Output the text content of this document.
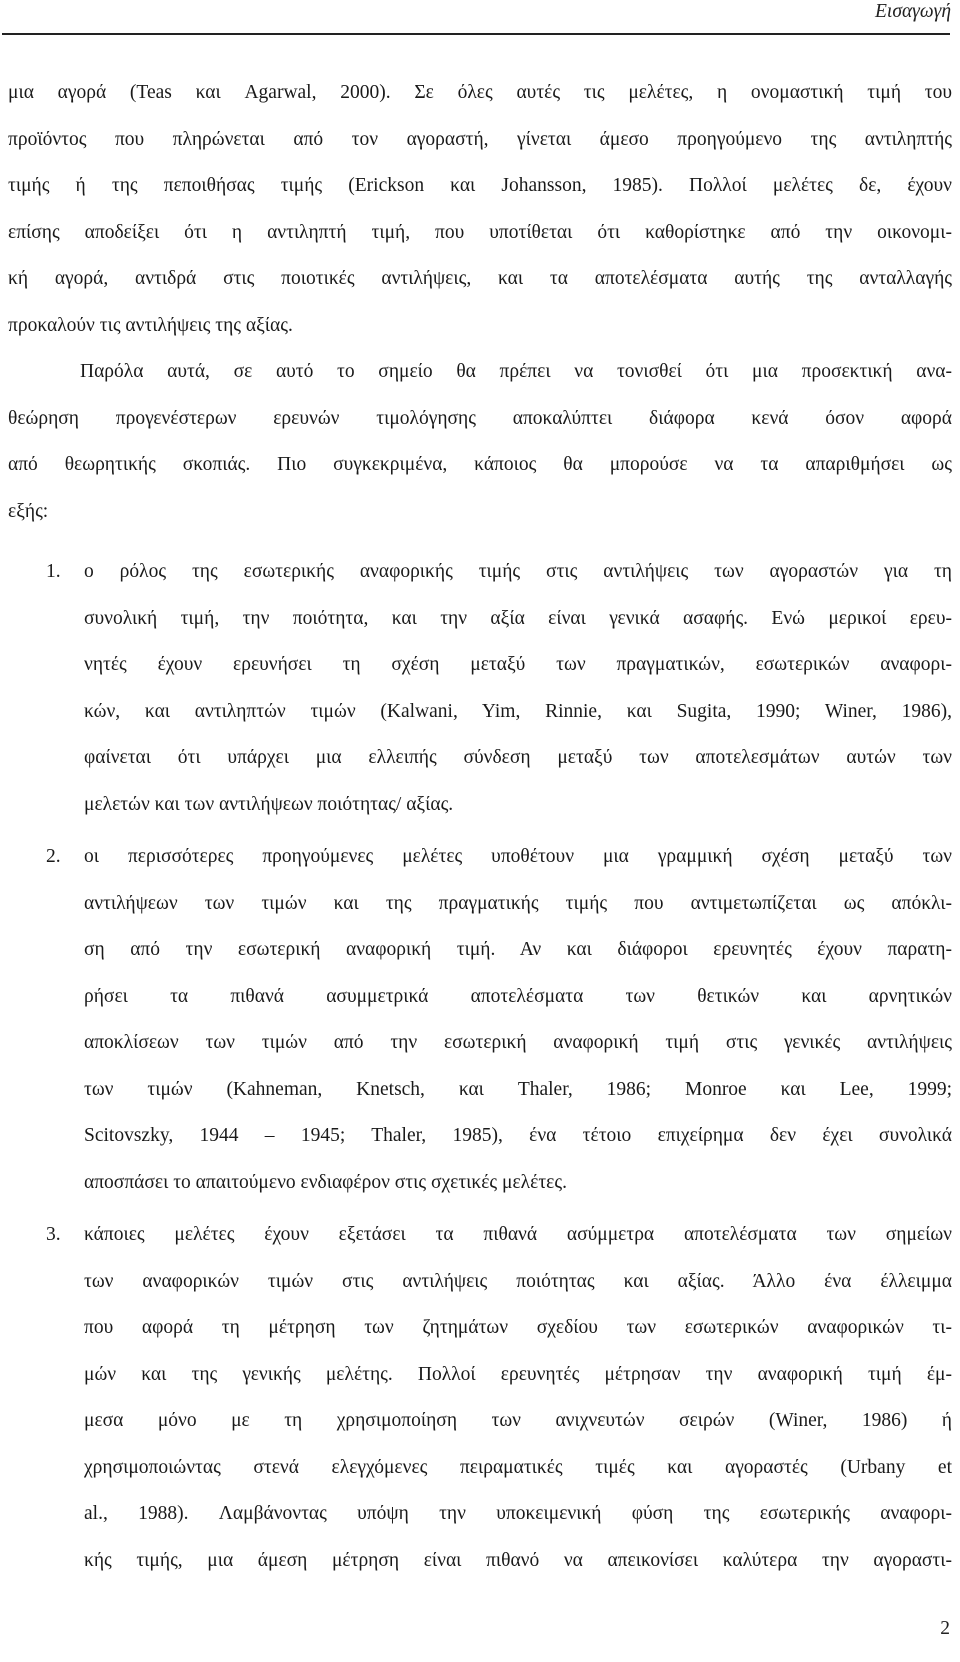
Εισαγωγή
μια αγορά (Teas και Agarwal, 2000). Σε όλες αυτές τις μελέτες, η ονομαστική τιμή του
προϊόντος που πληρώνεται από τον αγοραστή, γίνεται άμεσο προηγούμενο της αντιληπτής
τιμής ή της πεποιθήσας τιμής (Erickson και Johansson, 1985). Πολλοί μελέτες δε, έχουν
επίσης αποδείξει ότι η αντιληπτή τιμή, που υποτίθεται ότι καθορίστηκε από την οικονομι-
κή αγορά, αντιδρά στις ποιοτικές αντιλήψεις, και τα αποτελέσματα αυτής της ανταλλαγής
προκαλούν τις αντιλήψεις της αξίας.
Παρόλα αυτά, σε αυτό το σημείο θα πρέπει να τονισθεί ότι μια προσεκτική ανα-
θεώρηση προγενέστερων ερευνών τιμολόγησης αποκαλύπτει διάφορα κενά όσον αφορά
από θεωρητικής σκοπιάς. Πιο συγκεκριμένα, κάποιος θα μπορούσε να τα απαριθμήσει ως
εξής:
1. ο ρόλος της εσωτερικής αναφορικής τιμής στις αντιλήψεις των αγοραστών για τη
συνολική τιμή, την ποιότητα, και την αξία είναι γενικά ασαφής. Ενώ μερικοί ερευ-
νητές έχουν ερευνήσει τη σχέση μεταξύ των πραγματικών, εσωτερικών αναφορι-
κών, και αντιληπτών τιμών (Kalwani, Yim, Rinnie, και Sugita, 1990; Winer, 1986),
φαίνεται ότι υπάρχει μια ελλειπής σύνδεση μεταξύ των αποτελεσμάτων αυτών των
μελετών και των αντιλήψεων ποιότητας/ αξίας.
2. οι περισσότερες προηγούμενες μελέτες υποθέτουν μια γραμμική σχέση μεταξύ των
αντιλήψεων των τιμών και της πραγματικής τιμής που αντιμετωπίζεται ως απόκλι-
ση από την εσωτερική αναφορική τιμή. Αν και διάφοροι ερευνητές έχουν παρατη-
ρήσει τα πιθανά ασυμμετρικά αποτελέσματα των θετικών και αρνητικών
αποκλίσεων των τιμών από την εσωτερική αναφορική τιμή στις γενικές αντιλήψεις
των τιμών (Kahneman, Knetsch, και Thaler, 1986; Monroe και Lee, 1999;
Scitovszky, 1944 – 1945; Thaler, 1985), ένα τέτοιο επιχείρημα δεν έχει συνολικά
αποσπάσει το απαιτούμενο ενδιαφέρον στις σχετικές μελέτες.
3. κάποιες μελέτες έχουν εξετάσει τα πιθανά ασύμμετρα αποτελέσματα των σημείων
των αναφορικών τιμών στις αντιλήψεις ποιότητας και αξίας. Άλλο ένα έλλειμμα
που αφορά τη μέτρηση των ζητημάτων σχεδίου των εσωτερικών αναφορικών τι-
μών και της γενικής μελέτης. Πολλοί ερευνητές μέτρησαν την αναφορική τιμή έμ-
μεσα μόνο με τη χρησιμοποίηση των ανιχνευτών σειρών (Winer, 1986) ή
χρησιμοποιώντας στενά ελεγχόμενες πειραματικές τιμές και αγοραστές (Urbany et
al., 1988). Λαμβάνοντας υπόψη την υποκειμενική φύση της εσωτερικής αναφορι-
κής τιμής, μια άμεση μέτρηση είναι πιθανό να απεικονίσει καλύτερα την αγοραστι-
2
